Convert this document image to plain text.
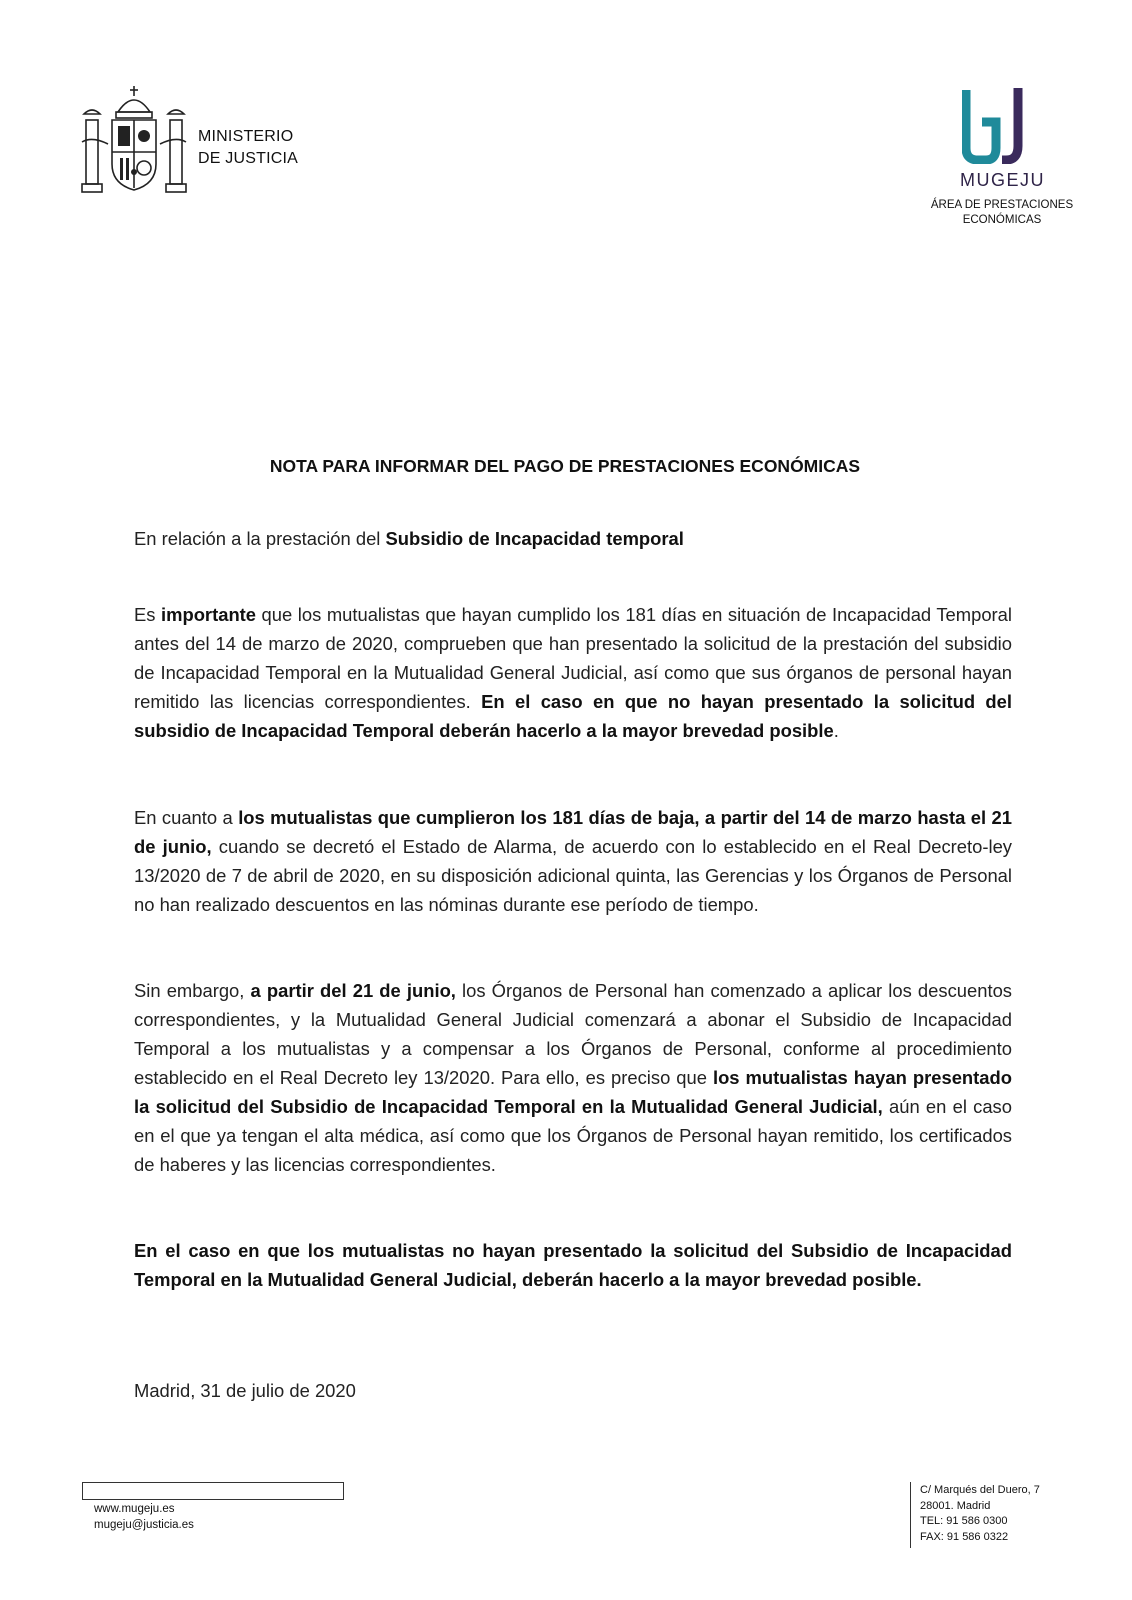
MINISTERIO
DE JUSTICIA
MUGEJU
ÁREA DE PRESTACIONES
ECONÓMICAS
NOTA PARA INFORMAR DEL PAGO DE PRESTACIONES ECONÓMICAS
En relación a la prestación del Subsidio de Incapacidad temporal
Es importante que los mutualistas que hayan cumplido los 181 días en situación de Incapacidad Temporal antes del 14 de marzo de 2020, comprueben que han presentado la solicitud de la prestación del subsidio de Incapacidad Temporal en la Mutualidad General Judicial, así como que sus órganos de personal hayan remitido las licencias correspondientes. En el caso en que no hayan presentado la solicitud del subsidio de Incapacidad Temporal deberán hacerlo a la mayor brevedad posible.
En cuanto a los mutualistas que cumplieron los 181 días de baja, a partir del 14 de marzo hasta el 21 de junio, cuando se decretó el Estado de Alarma, de acuerdo con lo establecido en el Real Decreto-ley 13/2020 de 7 de abril de 2020, en su disposición adicional quinta, las Gerencias y los Órganos de Personal no han realizado descuentos en las nóminas durante ese período de tiempo.
Sin embargo, a partir del 21 de junio, los Órganos de Personal han comenzado a aplicar los descuentos correspondientes, y la Mutualidad General Judicial comenzará a abonar el Subsidio de Incapacidad Temporal a los mutualistas y a compensar a los Órganos de Personal, conforme al procedimiento establecido en el Real Decreto ley 13/2020. Para ello, es preciso que los mutualistas hayan presentado la solicitud del Subsidio de Incapacidad Temporal en la Mutualidad General Judicial, aún en el caso en el que ya tengan el alta médica, así como que los Órganos de Personal hayan remitido, los certificados de haberes y las licencias correspondientes.
En el caso en que los mutualistas no hayan presentado la solicitud del Subsidio de Incapacidad Temporal en la Mutualidad General Judicial, deberán hacerlo a la mayor brevedad posible.
Madrid, 31 de julio de 2020
www.mugeju.es
mugeju@justicia.es
C/ Marqués del Duero, 7
28001. Madrid
TEL: 91 586 0300
FAX: 91 586 0322
